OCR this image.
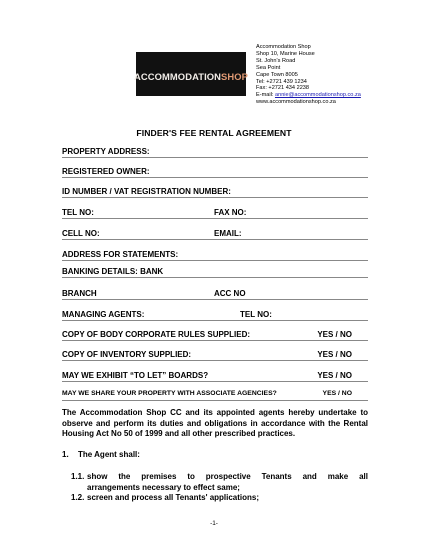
ACCOMMODATIONSHOP
Accommodation Shop
Shop 10, Marine House
St. John's Road
Sea Point
Cape Town 8005
Tel: +2721 439 1234
Fax: +2721 434 2238
E-mail: annie@accommodationshop.co.za
www.accommodationshop.co.za
FINDER'S FEE RENTAL AGREEMENT
PROPERTY ADDRESS:
REGISTERED OWNER:
ID NUMBER / VAT REGISTRATION NUMBER:
TEL NO:	FAX NO:
CELL NO:	EMAIL:
ADDRESS FOR STATEMENTS:
BANKING DETAILS: BANK
BRANCH	ACC NO
MANAGING AGENTS:	TEL NO:
COPY OF BODY CORPORATE RULES SUPPLIED:	YES / NO
COPY OF INVENTORY SUPPLIED:	YES / NO
MAY WE EXHIBIT “TO LET” BOARDS?	YES / NO
MAY WE SHARE YOUR PROPERTY WITH ASSOCIATE AGENCIES?	YES / NO
The Accommodation Shop CC and its appointed agents hereby undertake to observe and perform its duties and obligations in accordance with the Rental Housing Act No 50 of 1999 and all other prescribed practices.
1.	The Agent shall:
1.1. show the premises to prospective Tenants and make all
arrangements necessary to effect same;
1.2. screen and process all Tenants' applications;
-1-
